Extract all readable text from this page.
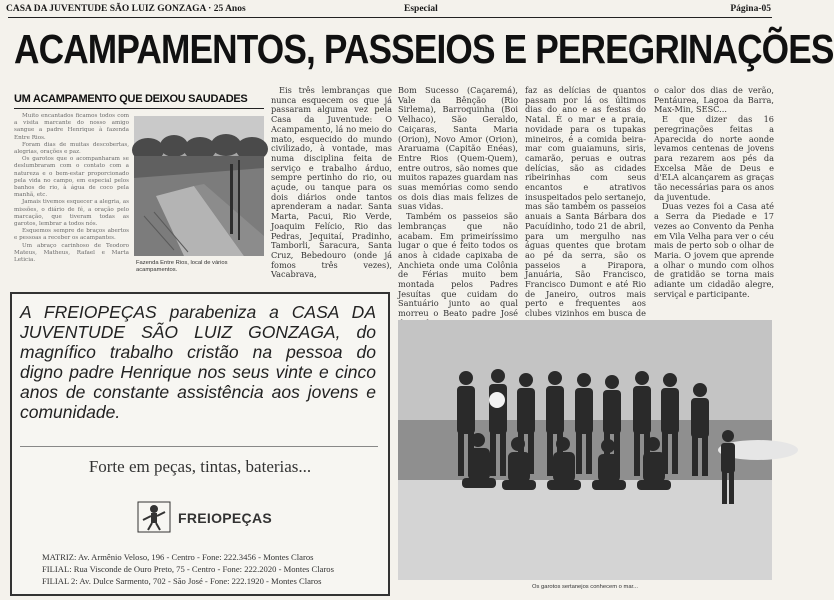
CASA DA JUVENTUDE SÃO LUIZ GONZAGA · 25 Anos	Especial	Página-05
ACAMPAMENTOS, PASSEIOS E PEREGRINAÇÕES
UM ACAMPAMENTO QUE DEIXOU SAUDADES

Muito encantados ficamos todos com a visita marcante do nosso amigo sangue a padre Henrique à fazenda Entre Rios.

Foram dias de muitas descobertas, alegrias, orações e paz.

Os garotos que o acompanharam se deslumbraram com o contato com a natureza e o bem-estar proporcionado pela vida no campo, em especial pelos banhos de rio, à água de coco pela manhã, etc.

Jamais tivemos esquecer a alegria, as missões, o diário de fé, a oração pelo marcação, que tiveram todas as garotos, lembrar a todos nós.

Esquemos sempre de braços abertos e pessoas a receber os acampantes.

Um abraço carinhoso de Teodoro Mateus, Matheus, Rafael e Marta Leticia.	Fazenda Entre Rios, local de vários acampamentos.

Eis três lembranças que nunca esquecem os que já passaram alguma vez pela Casa da Juventude: O Acampamento, lá no meio do mato, esquecido do mundo civilizado, à vontade, mas numa disciplina feita de serviço e trabalho árduo, sempre pertinho do rio, ou açude, ou tanque para os dois diários onde tantos aprenderam a nadar. Santa Marta, Pacui, Rio Verde, Joaquim Felício, Rio das Pedras, Jequitaí, Pradinho, Tamborli, Saracura, Santa Cruz, Bebedouro (onde já fomos três vezes), Vacabrava,

Bom Sucesso (Caçaremá), Vale da Bênção (Rio Sirlema), Barroquinha (Boi Velhaco), São Geraldo, Caiçaras, Santa Maria (Orion), Novo Amor (Orion), Araruama (Capitão Enéas), Entre Rios (Quem-Quem), entre outros, são nomes que muitos rapazes guardam nas suas memórias como sendo os dois dias mais felizes de suas vidas.

Também os passeios são lembranças que não acabam. Em primeiríssimo lugar o que é feito todos os anos à cidade capixaba de Anchieta onde uma Colônia de Férias muito bem montada pelos Padres Jesuítas que cuidam do Santuário junto ao qual morreu o Beato padre José

faz as delícias de quantos passam por lá os últimos dias do ano e as festas do Natal. É o mar e a praia, novidade para os tupakas mineiros, é a comida beira-mar com guaiamuns, siris, camarão, peruas e outras delícias, são as cidades ribeirinhas com seus encantos e atrativos insuspeitados pelo sertanejo, mas são também os passeios anuais a Santa Bárbara dos Pacuídinho, todo 21 de abril, para um mergulho nas águas quentes que brotam ao pé da serra, são os passeios a Pirapora, Januária, São Francisco, Francisco Dumont e até Rio de Janeiro, outros mais perto e frequentes aos clubes vizinhos em busca de

o calor dos dias de verão, Pentáurea, Lagoa da Barra, Max-Min, SESC...

E que dizer das 16 peregrinações feitas a Aparecida do norte aonde levamos centenas de jovens para rezarem aos pés da Excelsa Mãe de Deus e d'ELA alcançarem as graças tão necessárias para os anos da juventude.

Duas vezes foi a Casa até a Serra da Piedade e 17 vezes ao Convento da Penha em Vila Velha para ver o céu mais de perto sob o olhar de Maria. O jovem que aprende a olhar o mundo com olhos de gratidão se torna mais adiante um cidadão alegre, serviçal e participante.

Os garotos sertanejos conhecem o mar...
A FREIOPEÇAS parabeniza a CASA DA JUVENTUDE SÃO LUIZ GONZAGA, do magnífico trabalho cristão na pessoa do digno padre Henrique nos seus vinte e cinco anos de constante assistência aos jovens e comunidade.
Forte em peças, tintas, baterias...
FREIOPEÇAS
MATRIZ: Av. Armênio Veloso, 196 - Centro - Fone: 222.3456 - Montes Claros
FILIAL: Rua Visconde de Ouro Preto, 75 - Centro - Fone: 222.2020 - Montes Claros
FILIAL 2: Av. Dulce Sarmento, 702 - São José - Fone: 222.1920 - Montes Claros
